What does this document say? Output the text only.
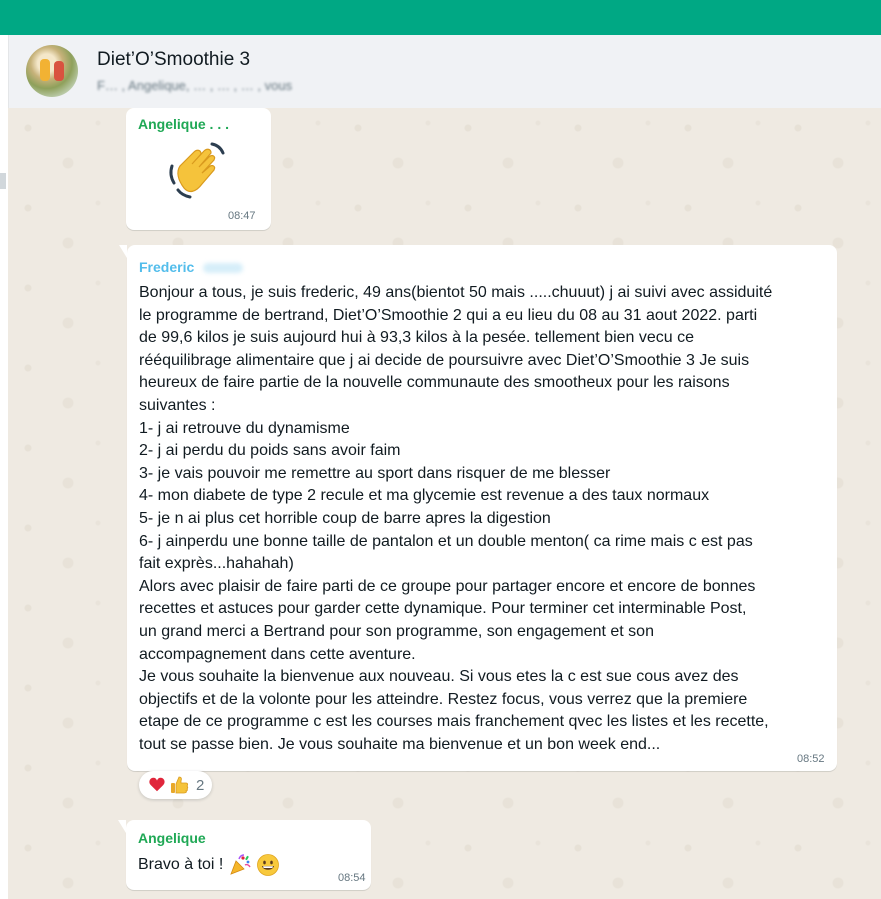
Diet’O’Smoothie 3
F… , Angelique, … , … , … , vous
Angelique . . .
08:47
Frederic
Bonjour a tous, je suis frederic, 49 ans(bientot 50 mais .....chuuut) j ai suivi avec assiduité
le programme de bertrand, Diet’O’Smoothie 2 qui a eu lieu du 08 au 31 aout 2022. parti
de 99,6 kilos je suis aujourd hui à 93,3 kilos à la pesée. tellement bien vecu ce
rééquilibrage alimentaire que j ai decide de poursuivre avec Diet’O’Smoothie 3 Je suis
heureux de faire partie de la nouvelle communaute des smootheux pour les raisons
suivantes :
1- j ai retrouve du dynamisme
2- j ai perdu du poids sans avoir faim
3- je vais pouvoir me remettre au sport dans risquer de me blesser
4- mon diabete de type 2 recule et ma glycemie est revenue a des taux normaux
5- je n ai plus cet horrible coup de barre apres la digestion
6- j ainperdu une bonne taille de pantalon et un double menton( ca rime mais c est pas
fait exprès...hahahah)
Alors avec plaisir de faire parti de ce groupe pour partager encore et encore de bonnes
recettes et astuces pour garder cette dynamique. Pour terminer cet interminable Post,
un grand merci a Bertrand pour son programme, son engagement et son
accompagnement dans cette aventure.
Je vous souhaite la bienvenue aux nouveau. Si vous etes la c est sue cous avez des
objectifs et de la volonte pour les atteindre. Restez focus, vous verrez que la premiere
etape de ce programme c est les courses mais franchement qvec les listes et les recette,
tout se passe bien. Je vous souhaite ma bienvenue et un bon week end...
08:52
2
Angelique
Bravo à toi !
08:54
